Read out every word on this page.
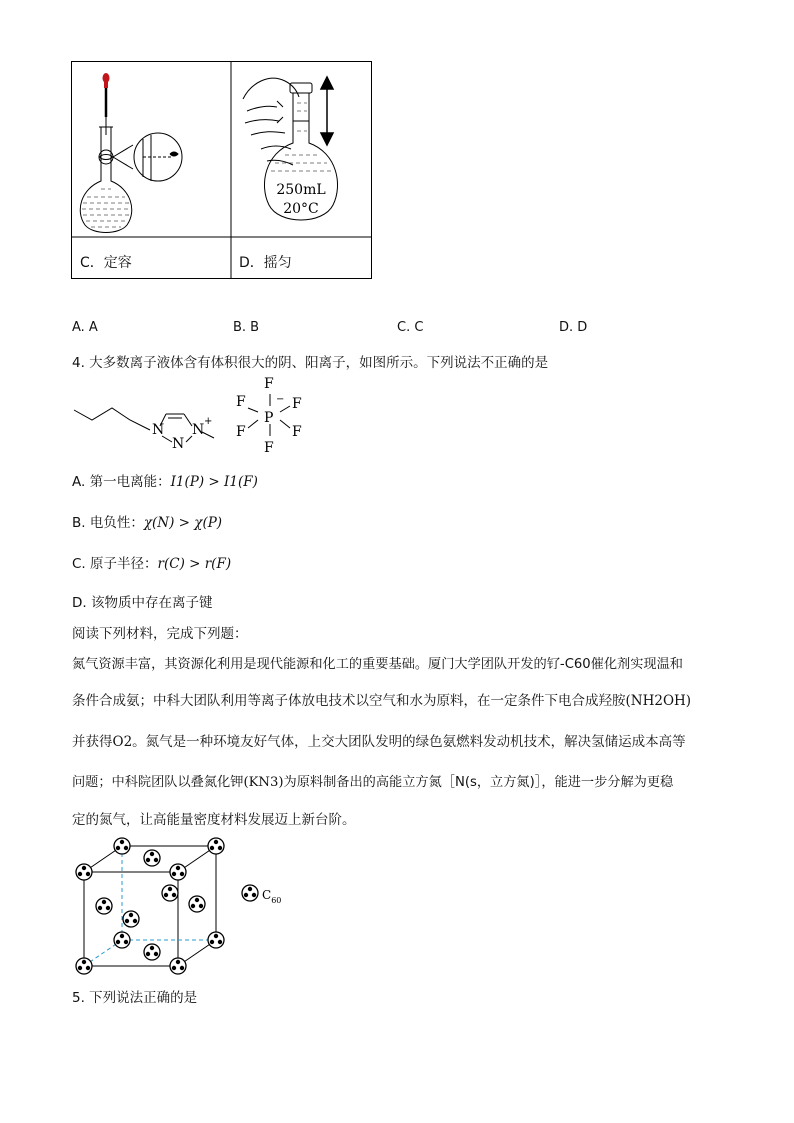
250mL
20°C
C．定容	D．摇匀
A. A	B. B	C. C	D. D
4. 大多数离子液体含有体积很大的阴、阳离子，如图所示。下列说法不正确的是
N
N
N
+
F
F	F
P
−
F	F
F
A. 第一电离能：I1(P) > I1(F)
B. 电负性：χ(N) > χ(P)
C. 原子半径：r(C) > r(F)
D. 该物质中存在离子键
阅读下列材料，完成下列题：
氮气资源丰富，其资源化利用是现代能源和化工的重要基础。厦门大学团队开发的钌-C60催化剂实现温和
条件合成氨；中科大团队利用等离子体放电技术以空气和水为原料，在一定条件下电合成羟胺(NH2OH)
并获得O2。氮气是一种环境友好气体，上交大团队发明的绿色氨燃料发动机技术，解决氢储运成本高等
问题；中科院团队以叠氮化钾(KN3)为原料制备出的高能立方氮［N(s，立方氮)］，能进一步分解为更稳
定的氮气，让高能量密度材料发展迈上新台阶。
$C_{60}$
5. 下列说法正确的是
